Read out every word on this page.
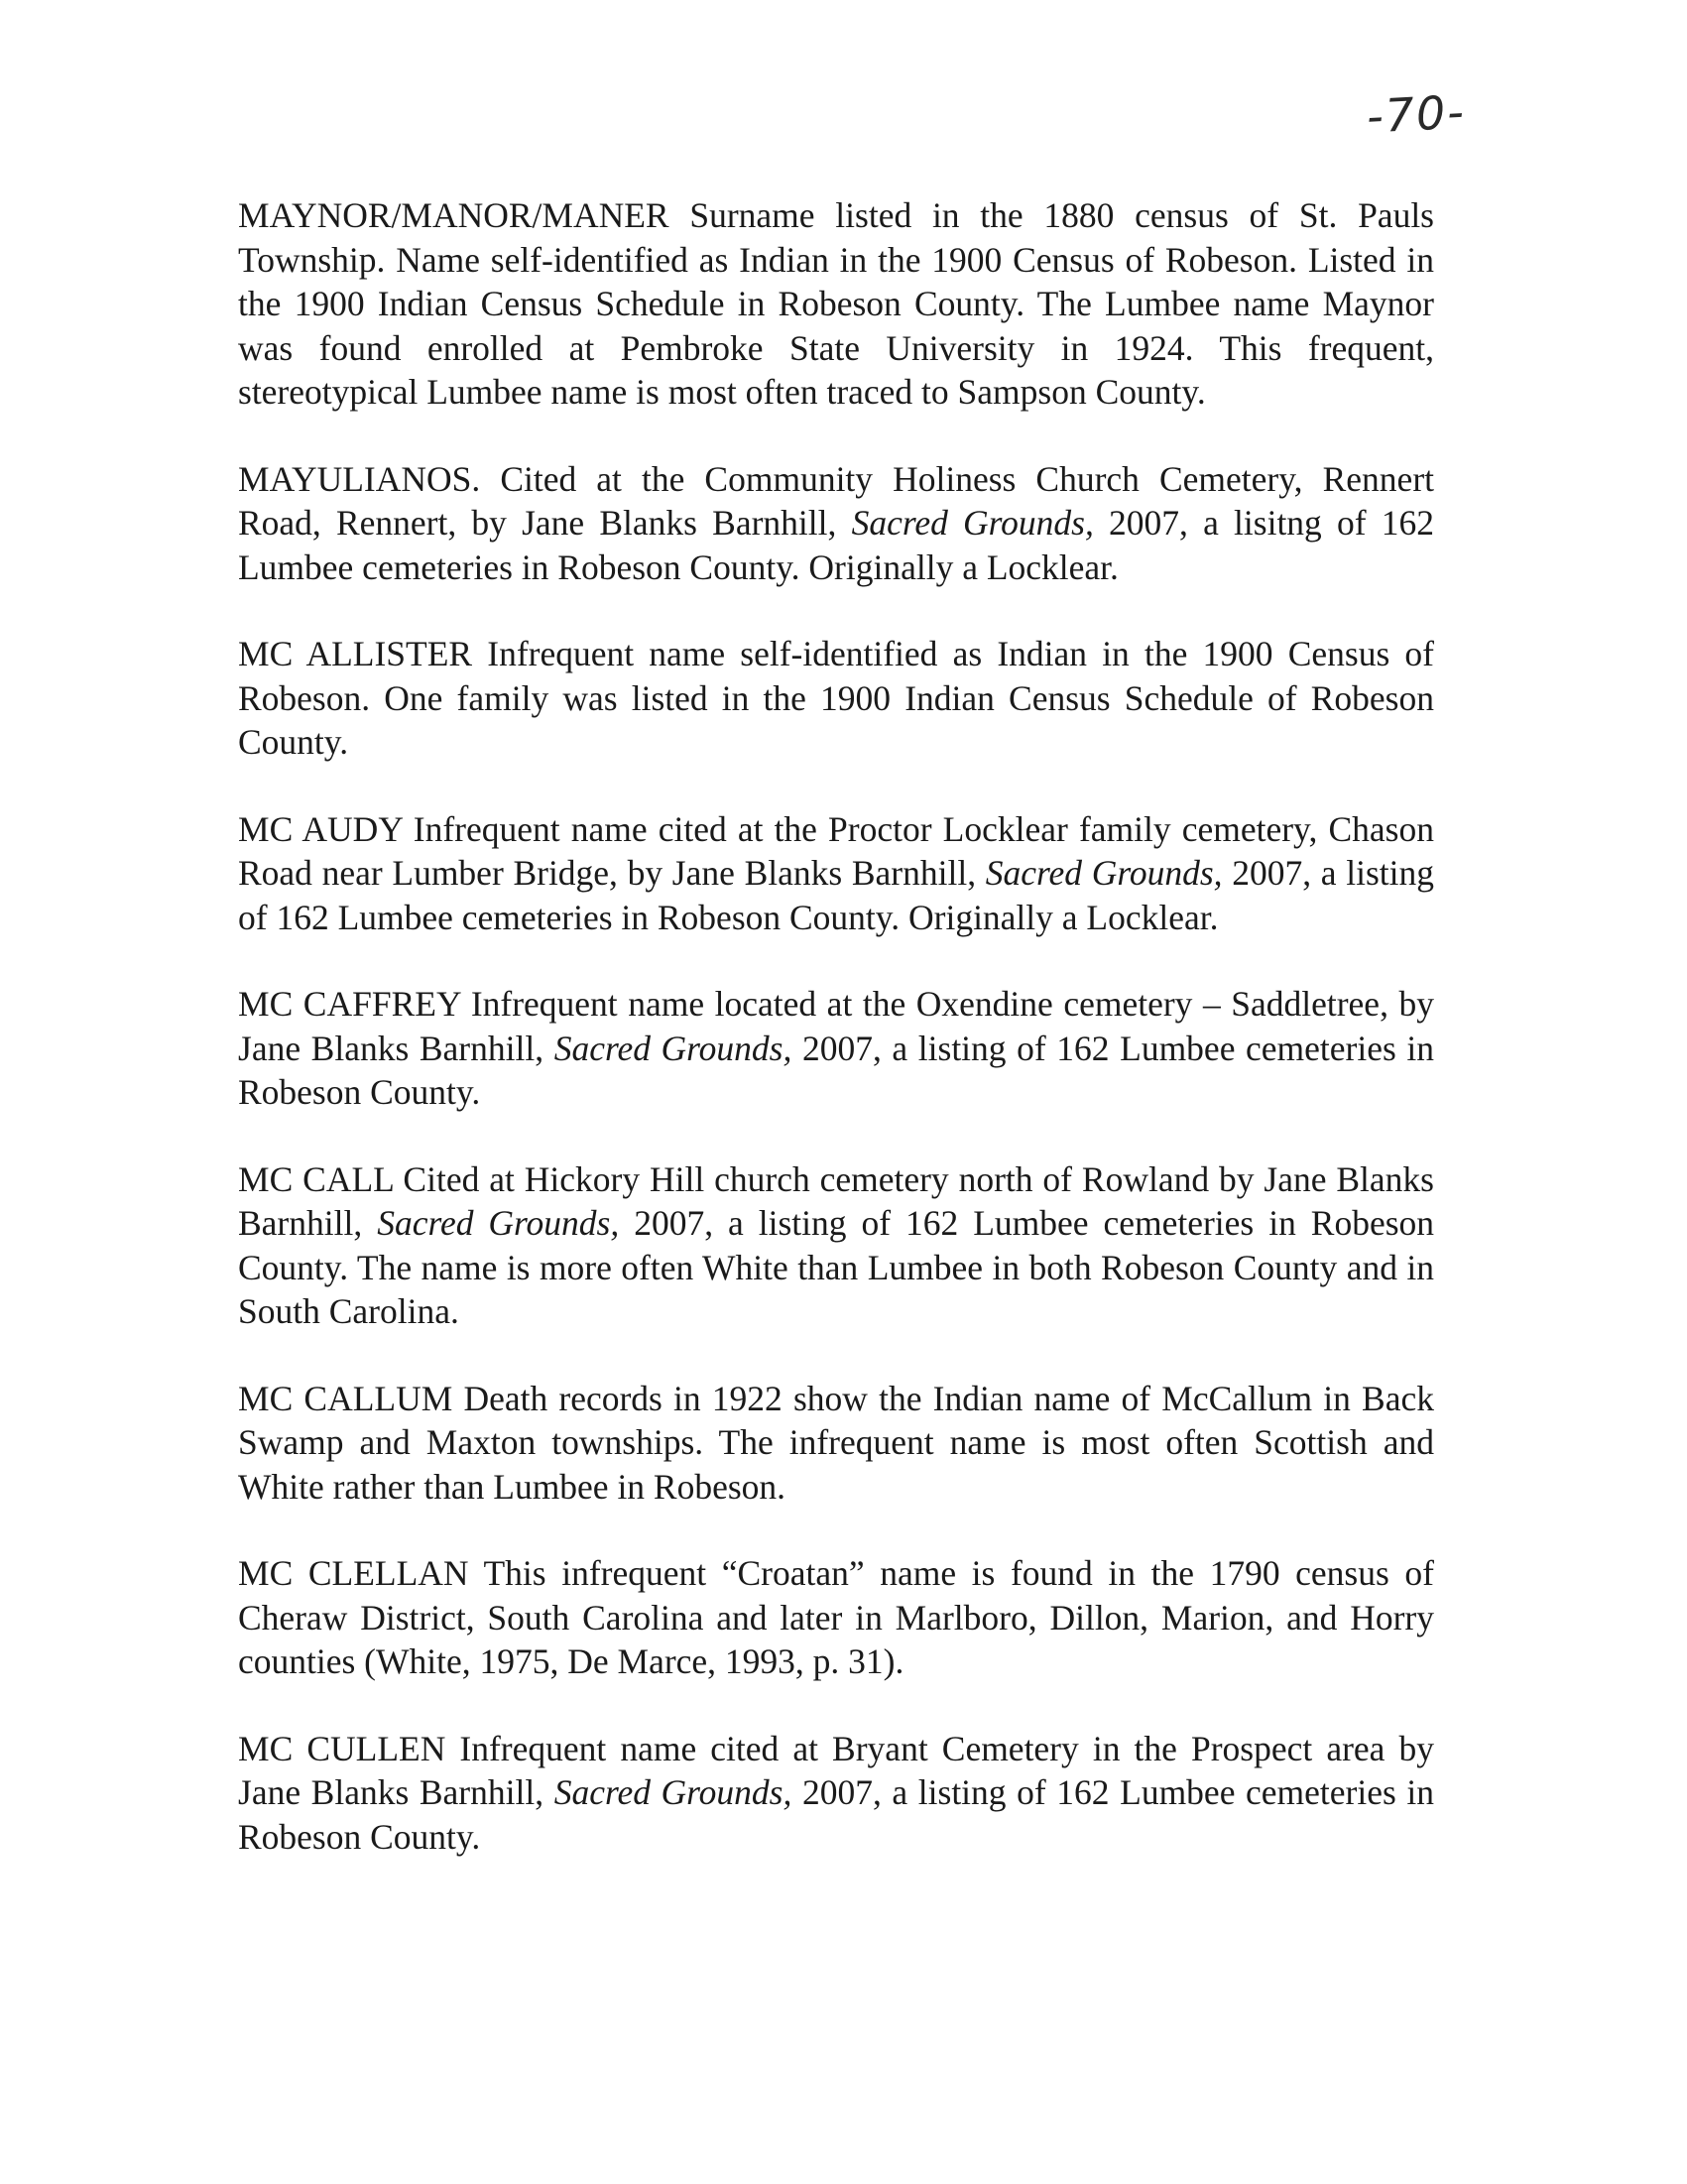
-70-

MAYNOR/MANOR/MANER Surname listed in the 1880 census of St. Pauls Township. Name self-identified as Indian in the 1900 Census of Robeson. Listed in the 1900 Indian Census Schedule in Robeson County. The Lumbee name Maynor was found enrolled at Pembroke State University in 1924. This frequent, stereotypical Lumbee name is most often traced to Sampson County.

MAYULIANOS. Cited at the Community Holiness Church Cemetery, Rennert Road, Rennert, by Jane Blanks Barnhill, Sacred Grounds, 2007, a lisitng of 162 Lumbee cemeteries in Robeson County. Originally a Locklear.

MC ALLISTER Infrequent name self-identified as Indian in the 1900 Census of Robeson. One family was listed in the 1900 Indian Census Schedule of Robeson County.

MC AUDY Infrequent name cited at the Proctor Locklear family cemetery, Chason Road near Lumber Bridge, by Jane Blanks Barnhill, Sacred Grounds, 2007, a listing of 162 Lumbee cemeteries in Robeson County. Originally a Locklear.

MC CAFFREY Infrequent name located at the Oxendine cemetery – Saddletree, by Jane Blanks Barnhill, Sacred Grounds, 2007, a listing of 162 Lumbee cemeteries in Robeson County.

MC CALL Cited at Hickory Hill church cemetery north of Rowland by Jane Blanks Barnhill, Sacred Grounds, 2007, a listing of 162 Lumbee cemeteries in Robeson County. The name is more often White than Lumbee in both Robeson County and in South Carolina.

MC CALLUM Death records in 1922 show the Indian name of McCallum in Back Swamp and Maxton townships. The infrequent name is most often Scottish and White rather than Lumbee in Robeson.

MC CLELLAN This infrequent “Croatan” name is found in the 1790 census of Cheraw District, South Carolina and later in Marlboro, Dillon, Marion, and Horry counties (White, 1975, De Marce, 1993, p. 31).

MC CULLEN Infrequent name cited at Bryant Cemetery in the Prospect area by Jane Blanks Barnhill, Sacred Grounds, 2007, a listing of 162 Lumbee cemeteries in Robeson County.
